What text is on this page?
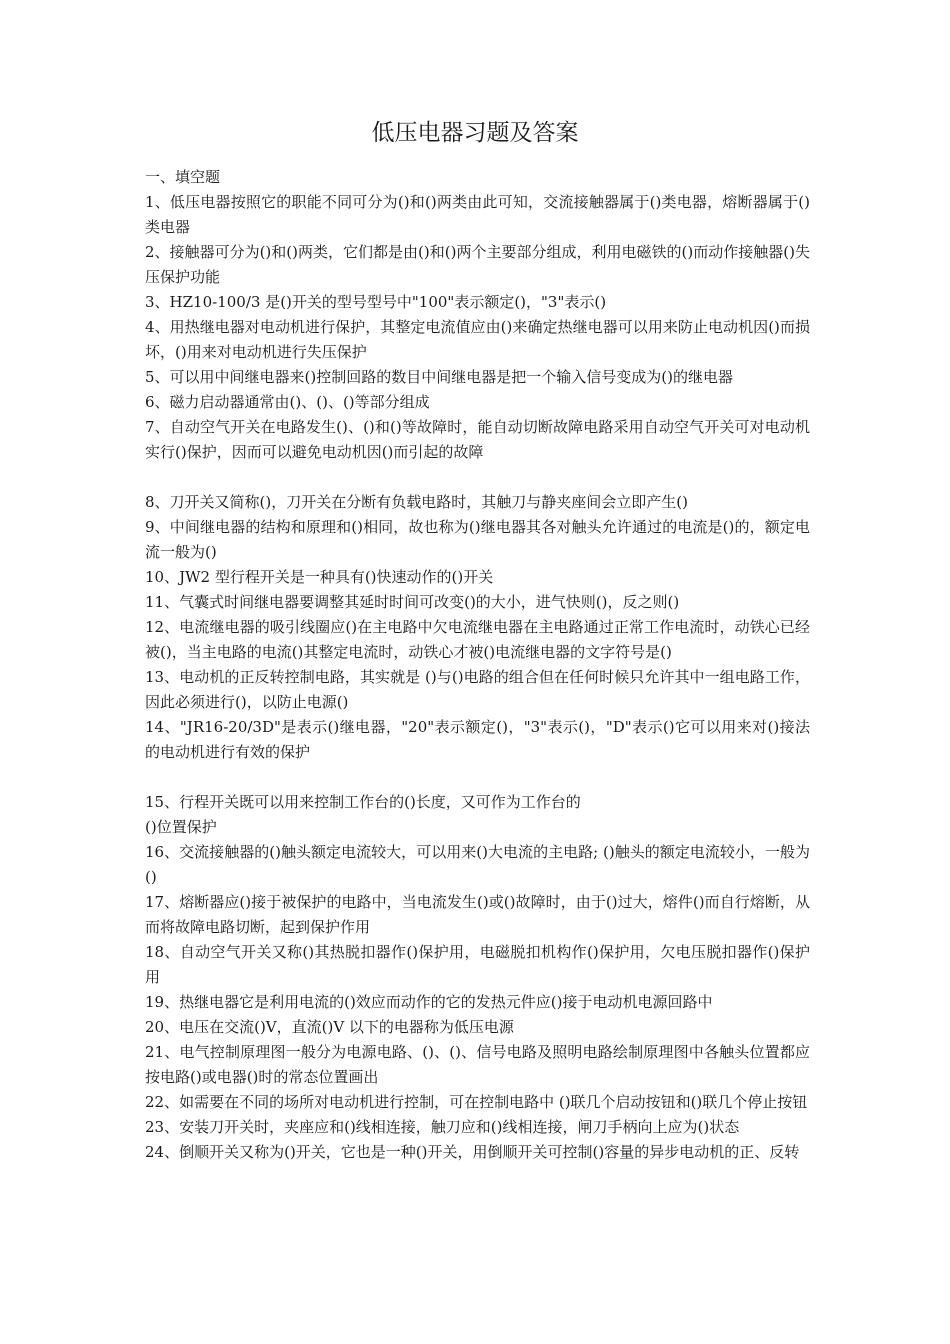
低压电器习题及答案

一、填空题

1、低压电器按照它的职能不同可分为()和()两类由此可知，交流接触器属于()类电器，熔断器属于()类电器

2、接触器可分为()和()两类，它们都是由()和()两个主要部分组成，利用电磁铁的()而动作接触器()失压保护功能

3、HZ10-100/3 是()开关的型号型号中"100"表示额定()，"3"表示()

4、用热继电器对电动机进行保护，其整定电流值应由()来确定热继电器可以用来防止电动机因()而损坏，()用来对电动机进行失压保护

5、可以用中间继电器来()控制回路的数目中间继电器是把一个输入信号变成为()的继电器

6、磁力启动器通常由()、()、()等部分组成

7、自动空气开关在电路发生()、()和()等故障时，能自动切断故障电路采用自动空气开关可对电动机实行()保护，因而可以避免电动机因()而引起的故障

8、刀开关又简称()，刀开关在分断有负载电路时，其触刀与静夹座间会立即产生()

9、中间继电器的结构和原理和()相同，故也称为()继电器其各对触头允许通过的电流是()的，额定电流一般为()

10、JW2 型行程开关是一种具有()快速动作的()开关

11、气囊式时间继电器要调整其延时时间可改变()的大小，进气快则()，反之则()

12、电流继电器的吸引线圈应()在主电路中欠电流继电器在主电路通过正常工作电流时，动铁心已经被()，当主电路的电流()其整定电流时，动铁心才被()电流继电器的文字符号是()

13、电动机的正反转控制电路，其实就是 ()与()电路的组合但在任何时候只允许其中一组电路工作，因此必须进行()，以防止电源()

14、"JR16-20/3D"是表示()继电器，"20"表示额定()，"3"表示()，"D"表示()它可以用来对()接法的电动机进行有效的保护

15、行程开关既可以用来控制工作台的()长度，又可作为工作台的

()位置保护

16、交流接触器的()触头额定电流较大，可以用来()大电流的主电路; ()触头的额定电流较小，一般为()

17、熔断器应()接于被保护的电路中，当电流发生()或()故障时，由于()过大，熔件()而自行熔断，从而将故障电路切断，起到保护作用

18、自动空气开关又称()其热脱扣器作()保护用，电磁脱扣机构作()保护用，欠电压脱扣器作()保护用

19、热继电器它是利用电流的()效应而动作的它的发热元件应()接于电动机电源回路中

20、电压在交流()V，直流()V 以下的电器称为低压电源

21、电气控制原理图一般分为电源电路、()、()、信号电路及照明电路绘制原理图中各触头位置都应按电路()或电器()时的常态位置画出

22、如需要在不同的场所对电动机进行控制，可在控制电路中 ()联几个启动按钮和()联几个停止按钮

23、安装刀开关时，夹座应和()线相连接，触刀应和()线相连接，闸刀手柄向上应为()状态

24、倒顺开关又称为()开关，它也是一种()开关，用倒顺开关可控制()容量的异步电动机的正、反转
